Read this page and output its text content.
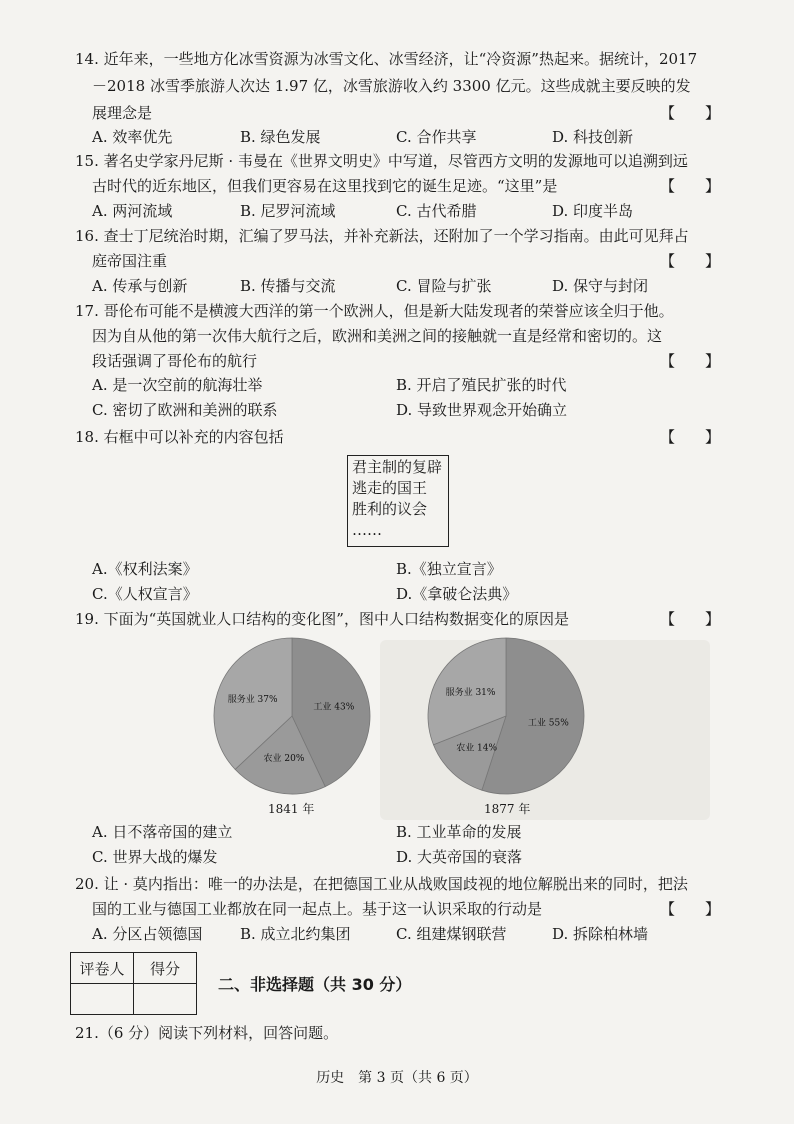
14. 近年来，一些地方化冰雪资源为冰雪文化、冰雪经济，让“冷资源”热起来。据统计，2017
－2018 冰雪季旅游人次达 1.97 亿，冰雪旅游收入约 3300 亿元。这些成就主要反映的发
展理念是	【　　】
A. 效率优先	B. 绿色发展	C. 合作共享	D. 科技创新
15. 著名史学家丹尼斯 · 韦曼在《世界文明史》中写道，尽管西方文明的发源地可以追溯到远
古时代的近东地区，但我们更容易在这里找到它的诞生足迹。“这里”是	【　　】
A. 两河流域	B. 尼罗河流域	C. 古代希腊	D. 印度半岛
16. 查士丁尼统治时期，汇编了罗马法，并补充新法，还附加了一个学习指南。由此可见拜占
庭帝国注重	【　　】
A. 传承与创新	B. 传播与交流	C. 冒险与扩张	D. 保守与封闭
17. 哥伦布可能不是横渡大西洋的第一个欧洲人，但是新大陆发现者的荣誉应该全归于他。
因为自从他的第一次伟大航行之后，欧洲和美洲之间的接触就一直是经常和密切的。这
段话强调了哥伦布的航行	【　　】
A. 是一次空前的航海壮举	B. 开启了殖民扩张的时代
C. 密切了欧洲和美洲的联系	D. 导致世界观念开始确立
18. 右框中可以补充的内容包括	【　　】
君主制的复辟
逃走的国王
胜利的议会
……
A.《权利法案》	B.《独立宣言》
C.《人权宣言》	D.《拿破仑法典》
19. 下面为“英国就业人口结构的变化图”，图中人口结构数据变化的原因是	【　　】
工业 43%
农业 20%
服务业 37%
1841 年
工业 55%
农业 14%
服务业 31%
1877 年
A. 日不落帝国的建立	B. 工业革命的发展
C. 世界大战的爆发	D. 大英帝国的衰落
20. 让 · 莫内指出：唯一的办法是，在把德国工业从战败国歧视的地位解脱出来的同时，把法
国的工业与德国工业都放在同一起点上。基于这一认识采取的行动是	【　　】
A. 分区占领德国	B. 成立北约集团	C. 组建煤钢联营	D. 拆除柏林墙
评卷人	得分

二、非选择题（共 30 分）
21.（6 分）阅读下列材料，回答问题。
历史　第 3 页（共 6 页）
